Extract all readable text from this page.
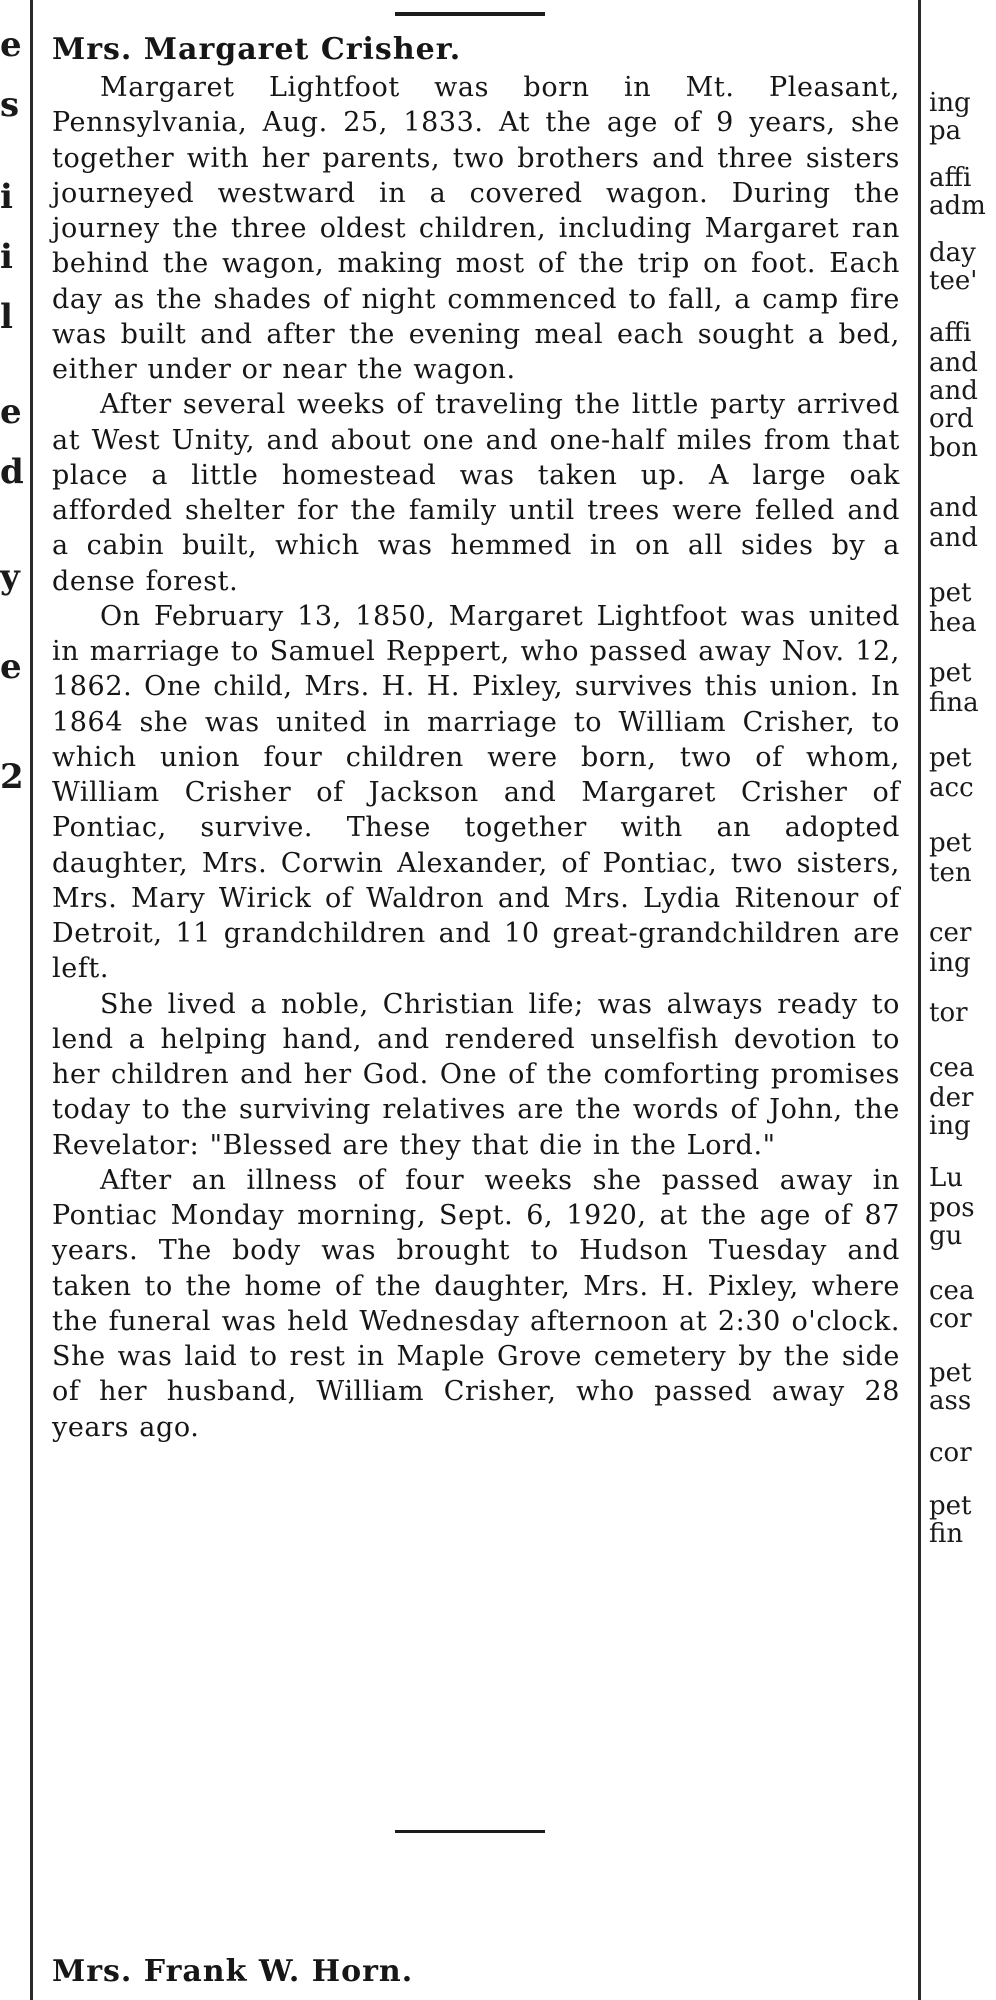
e
s
i
i
l
e
d
y
e
2
Mrs. Margaret Crisher.

Margaret Lightfoot was born in Mt. Pleasant, Pennsylvania, Aug. 25, 1833. At the age of 9 years, she together with her parents, two brothers and three sisters journeyed westward in a covered wagon. During the journey the three oldest children, including Margaret ran behind the wagon, making most of the trip on foot. Each day as the shades of night commenced to fall, a camp fire was built and after the evening meal each sought a bed, either under or near the wagon.

After several weeks of traveling the little party arrived at West Unity, and about one and one-half miles from that place a little homestead was taken up. A large oak afforded shelter for the family until trees were felled and a cabin built, which was hemmed in on all sides by a dense forest.

On February 13, 1850, Margaret Lightfoot was united in marriage to Samuel Reppert, who passed away Nov. 12, 1862. One child, Mrs. H. H. Pixley, survives this union. In 1864 she was united in marriage to William Crisher, to which union four children were born, two of whom, William Crisher of Jackson and Margaret Crisher of Pontiac, survive. These together with an adopted daughter, Mrs. Corwin Alexander, of Pontiac, two sisters, Mrs. Mary Wirick of Waldron and Mrs. Lydia Ritenour of Detroit, 11 grandchildren and 10 great-grandchildren are left.

She lived a noble, Christian life; was always ready to lend a helping hand, and rendered unselfish devotion to her children and her God. One of the comforting promises today to the surviving relatives are the words of John, the Revelator: "Blessed are they that die in the Lord."

After an illness of four weeks she passed away in Pontiac Monday morning, Sept. 6, 1920, at the age of 87 years. The body was brought to Hudson Tuesday and taken to the home of the daughter, Mrs. H. Pixley, where the funeral was held Wednesday afternoon at 2:30 o'clock. She was laid to rest in Maple Grove cemetery by the side of her husband, William Crisher, who passed away 28 years ago.

Mrs. Frank W. Horn.
ing
pa
affi
adm
day
tee'
affi
and
and
ord
bon
and
and
pet
hea
pet
fina
pet
acc
pet
ten
cer
ing
tor
cea
der
ing
Lu
pos
gu
cea
cor
pet
ass
cor
pet
fin
